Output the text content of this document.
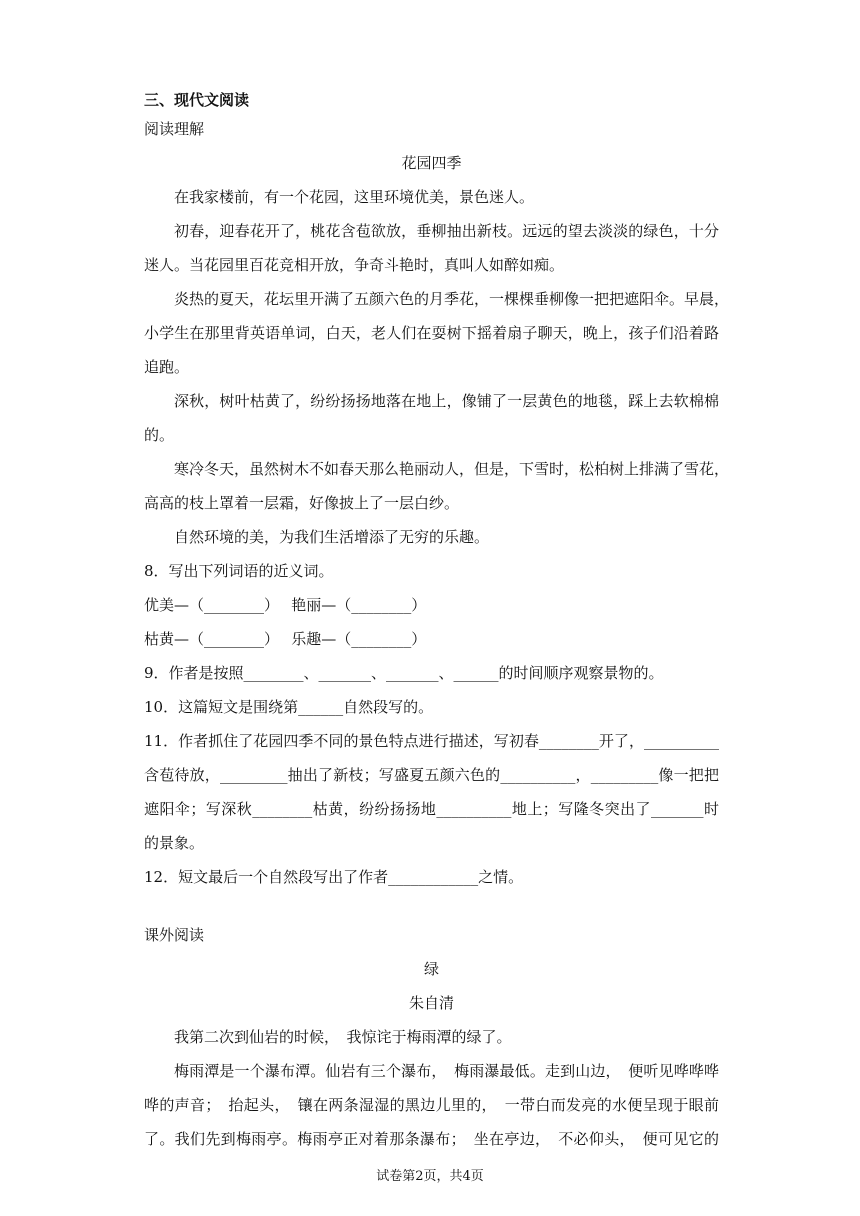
三、现代文阅读
阅读理解
花园四季
在我家楼前，有一个花园，这里环境优美，景色迷人。
初春，迎春花开了，桃花含苞欲放，垂柳抽出新枝。远远的望去淡淡的绿色，十分
迷人。当花园里百花竞相开放，争奇斗艳时，真叫人如醉如痴。
炎热的夏天，花坛里开满了五颜六色的月季花，一棵棵垂柳像一把把遮阳伞。早晨，
小学生在那里背英语单词，白天，老人们在耍树下摇着扇子聊天，晚上，孩子们沿着路
追跑。
深秋，树叶枯黄了，纷纷扬扬地落在地上，像铺了一层黄色的地毯，踩上去软棉棉
的。
寒冷冬天，虽然树木不如春天那么艳丽动人，但是，下雪时，松柏树上排满了雪花，
高高的枝上罩着一层霜，好像披上了一层白纱。
自然环境的美，为我们生活增添了无穷的乐趣。
8．写出下列词语的近义词。
优美—（________）　 艳丽—（________）
枯黄—（________）　 乐趣—（________）
9．作者是按照________、_______、_______、______的时间顺序观察景物的。
10．这篇短文是围绕第______自然段写的。
11．作者抓住了花园四季不同的景色特点进行描述，写初春________开了，__________
含苞待放，_________抽出了新枝；写盛夏五颜六色的__________，_________像一把把
遮阳伞；写深秋________枯黄，纷纷扬扬地__________地上；写隆冬突出了_______时
的景象。
12．短文最后一个自然段写出了作者____________之情。
课外阅读
绿
朱自清
我第二次到仙岩的时候，　我惊诧于梅雨潭的绿了。
梅雨潭是一个瀑布潭。仙岩有三个瀑布，　梅雨瀑最低。走到山边，　便听见哗哗哗
哗的声音；　抬起头，　镶在两条湿湿的黑边儿里的，　一带白而发亮的水便呈现于眼前
了。我们先到梅雨亭。梅雨亭正对着那条瀑布；　坐在亭边，　不必仰头，　便可见它的
试卷第2页，共4页
